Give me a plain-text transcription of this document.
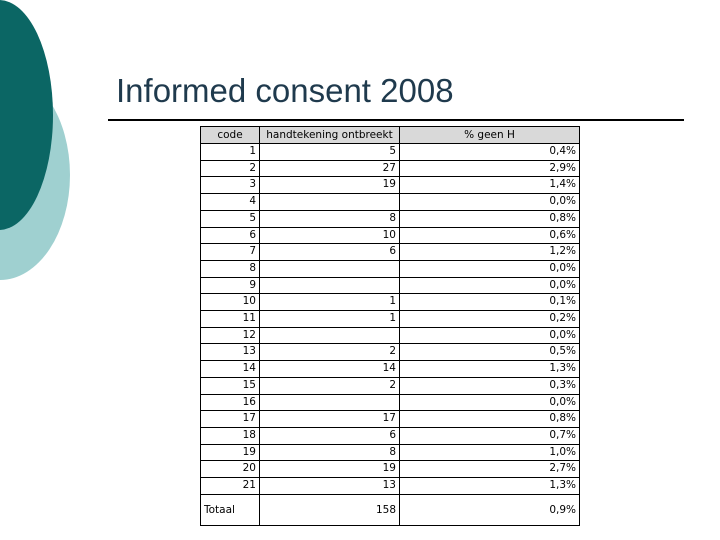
Informed consent 2008
code	handtekening ontbreekt	% geen H
1	5	0,4%
2	27	2,9%
3	19	1,4%
4		0,0%
5	8	0,8%
6	10	0,6%
7	6	1,2%
8		0,0%
9		0,0%
10	1	0,1%
11	1	0,2%
12		0,0%
13	2	0,5%
14	14	1,3%
15	2	0,3%
16		0,0%
17	17	0,8%
18	6	0,7%
19	8	1,0%
20	19	2,7%
21	13	1,3%
Totaal	158	0,9%
